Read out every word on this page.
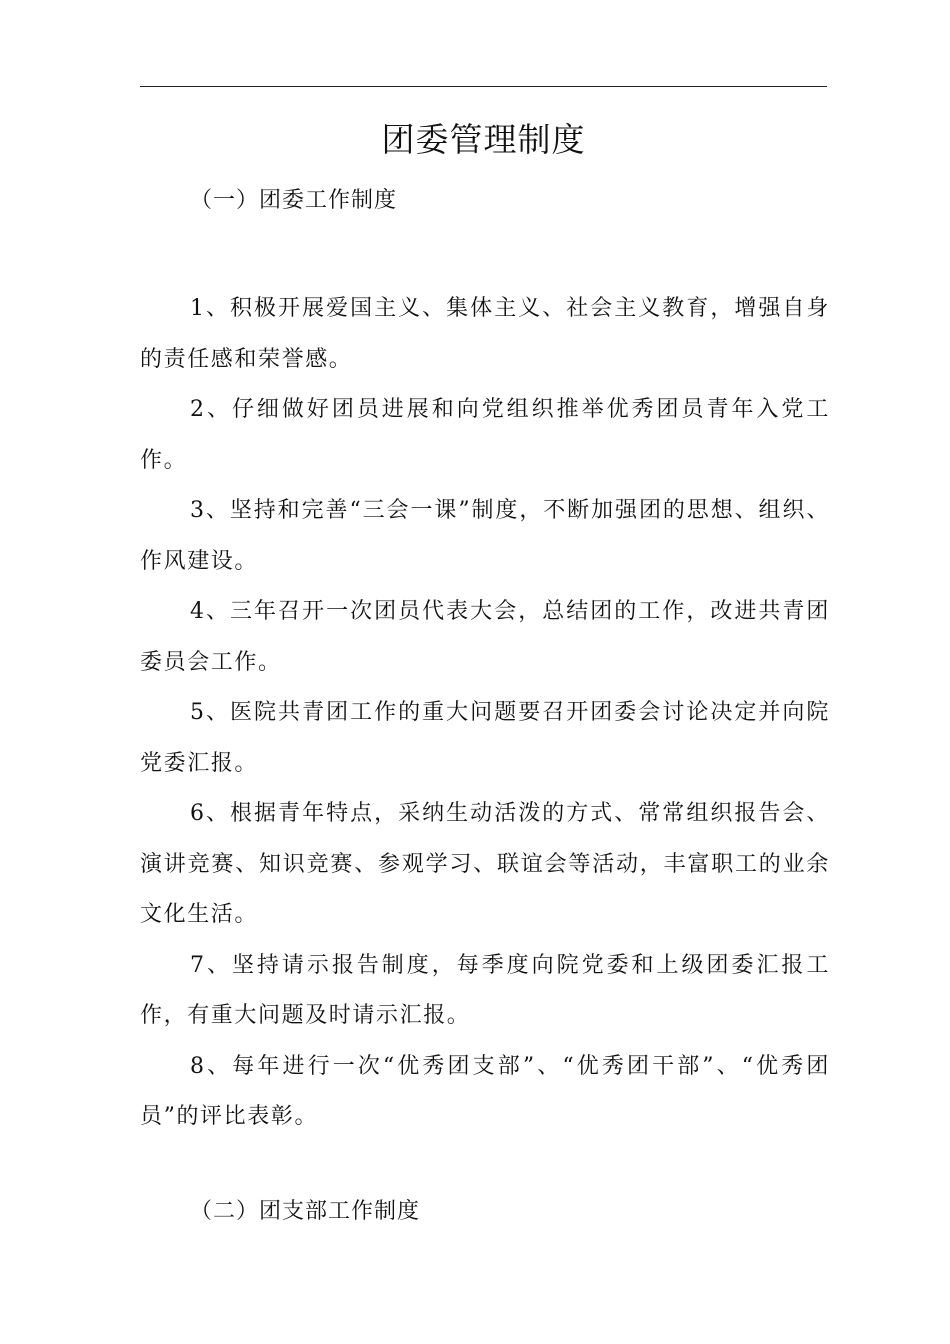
团委管理制度
（一）团委工作制度

1、积极开展爱国主义、集体主义、社会主义教育，增强自身的责任感和荣誉感。

2、仔细做好团员进展和向党组织推举优秀团员青年入党工作。

3、坚持和完善“三会一课”制度，不断加强团的思想、组织、作风建设。

4、三年召开一次团员代表大会，总结团的工作，改进共青团委员会工作。

5、医院共青团工作的重大问题要召开团委会讨论决定并向院党委汇报。

6、根据青年特点，采纳生动活泼的方式、常常组织报告会、演讲竞赛、知识竞赛、参观学习、联谊会等活动，丰富职工的业余文化生活。

7、坚持请示报告制度，每季度向院党委和上级团委汇报工作，有重大问题及时请示汇报。

8、每年进行一次“优秀团支部”、“优秀团干部”、“优秀团员”的评比表彰。

（二）团支部工作制度
